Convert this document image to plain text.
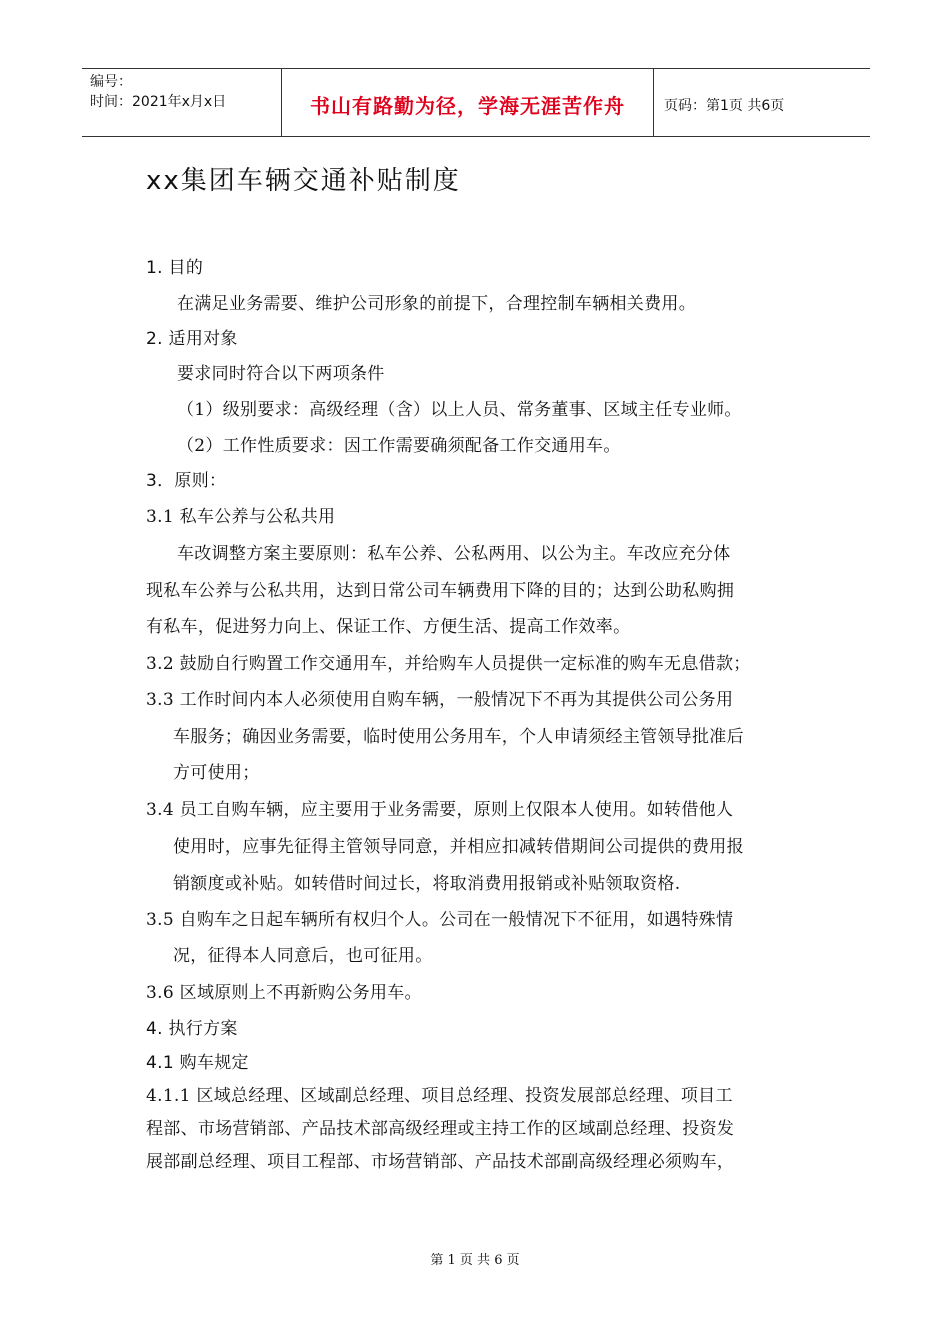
编号：
时间：2021年x月x日	书山有路勤为径，学海无涯苦作舟	页码：第1页 共6页
xx集团车辆交通补贴制度
1. 目的
在满足业务需要、维护公司形象的前提下，合理控制车辆相关费用。
2. 适用对象
要求同时符合以下两项条件
（1）级别要求：高级经理（含）以上人员、常务董事、区域主任专业师。
（2）工作性质要求：因工作需要确须配备工作交通用车。
3．原则：
3.1 私车公养与公私共用
车改调整方案主要原则：私车公养、公私两用、以公为主。车改应充分体
现私车公养与公私共用，达到日常公司车辆费用下降的目的；达到公助私购拥
有私车，促进努力向上、保证工作、方便生活、提高工作效率。
3.2 鼓励自行购置工作交通用车，并给购车人员提供一定标准的购车无息借款；
3.3 工作时间内本人必须使用自购车辆，一般情况下不再为其提供公司公务用
车服务；确因业务需要，临时使用公务用车，个人申请须经主管领导批准后
方可使用；
3.4 员工自购车辆，应主要用于业务需要，原则上仅限本人使用。如转借他人
使用时，应事先征得主管领导同意，并相应扣减转借期间公司提供的费用报
销额度或补贴。如转借时间过长，将取消费用报销或补贴领取资格.
3.5 自购车之日起车辆所有权归个人。公司在一般情况下不征用，如遇特殊情
况，征得本人同意后，也可征用。
3.6 区域原则上不再新购公务用车。
4. 执行方案
4.1 购车规定
4.1.1 区域总经理、区域副总经理、项目总经理、投资发展部总经理、项目工
程部、市场营销部、产品技术部高级经理或主持工作的区域副总经理、投资发
展部副总经理、项目工程部、市场营销部、产品技术部副高级经理必须购车，
第 1 页 共 6 页
